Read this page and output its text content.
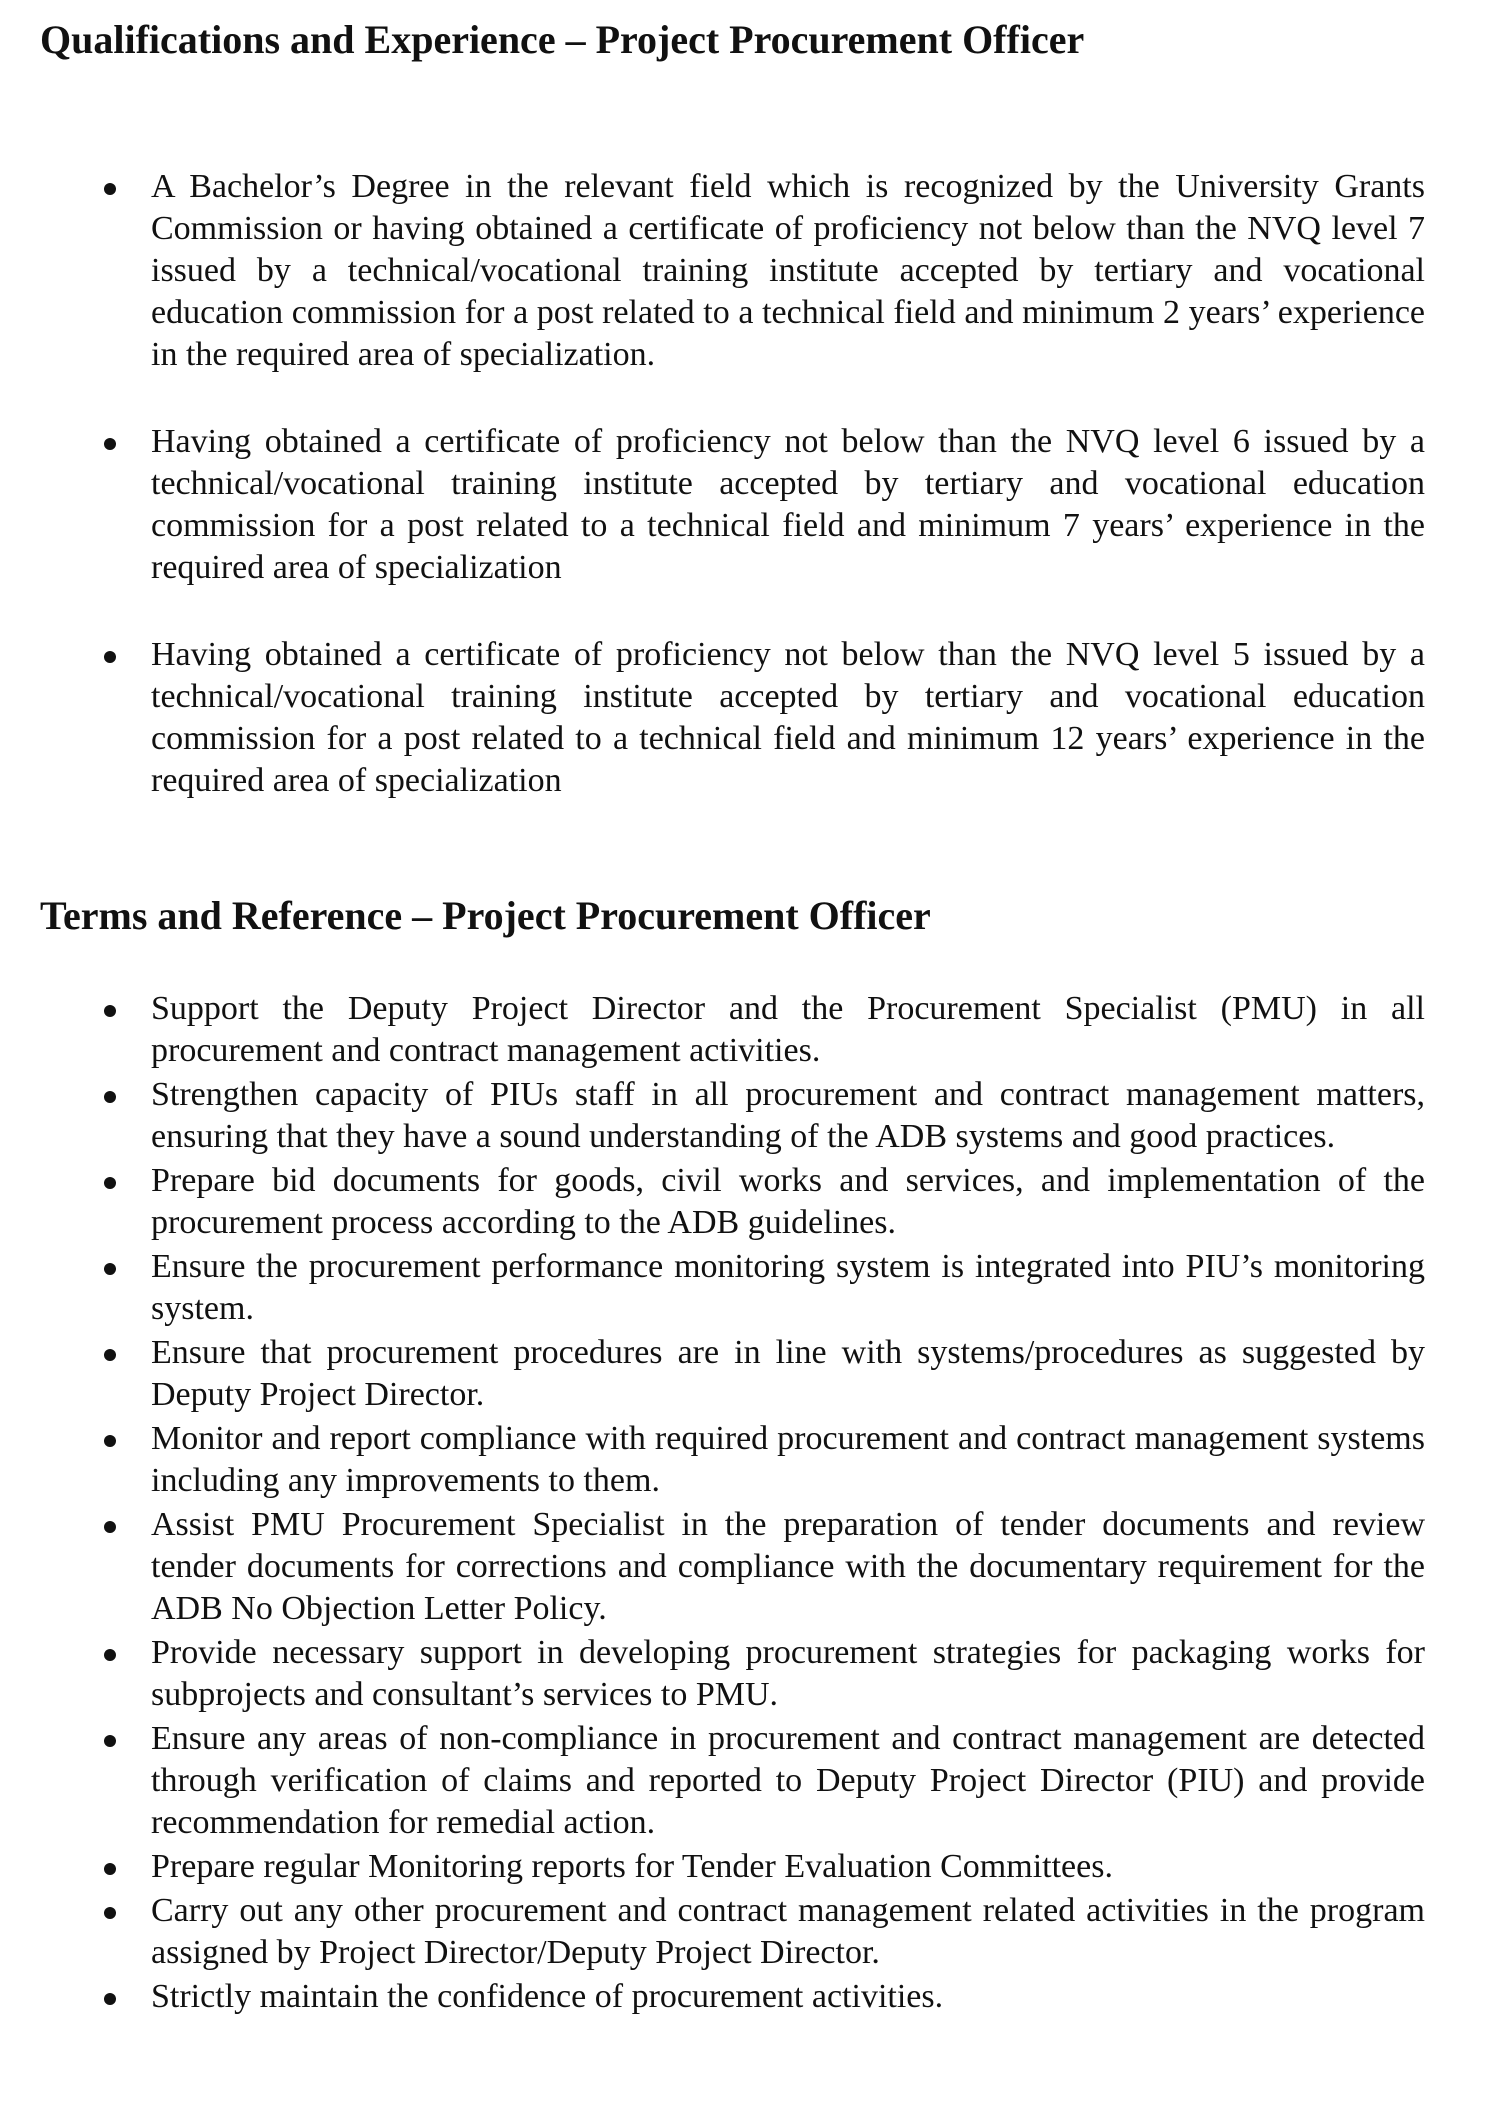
Qualifications and Experience – Project Procurement Officer
A Bachelor’s Degree in the relevant field which is recognized by the University Grants Commission or having obtained a certificate of proficiency not below than the NVQ level 7 issued by a technical/vocational training institute accepted by tertiary and vocational education commission for a post related to a technical field and minimum 2 years’ experience in the required area of specialization.
Having obtained a certificate of proficiency not below than the NVQ level 6 issued by a technical/vocational training institute accepted by tertiary and vocational education commission for a post related to a technical field and minimum 7 years’ experience in the required area of specialization
Having obtained a certificate of proficiency not below than the NVQ level 5 issued by a technical/vocational training institute accepted by tertiary and vocational education commission for a post related to a technical field and minimum 12 years’ experience in the required area of specialization
Terms and Reference – Project Procurement Officer
Support the Deputy Project Director and the Procurement Specialist (PMU) in all procurement and contract management activities.
Strengthen capacity of PIUs staff in all procurement and contract management matters, ensuring that they have a sound understanding of the ADB systems and good practices.
Prepare bid documents for goods, civil works and services, and implementation of the procurement process according to the ADB guidelines.
Ensure the procurement performance monitoring system is integrated into PIU’s monitoring system.
Ensure that procurement procedures are in line with systems/procedures as suggested by Deputy Project Director.
Monitor and report compliance with required procurement and contract management systems including any improvements to them.
Assist PMU Procurement Specialist in the preparation of tender documents and review tender documents for corrections and compliance with the documentary requirement for the ADB No Objection Letter Policy.
Provide necessary support in developing procurement strategies for packaging works for subprojects and consultant’s services to PMU.
Ensure any areas of non-compliance in procurement and contract management are detected through verification of claims and reported to Deputy Project Director (PIU) and provide recommendation for remedial action.
Prepare regular Monitoring reports for Tender Evaluation Committees.
Carry out any other procurement and contract management related activities in the program assigned by Project Director/Deputy Project Director.
Strictly maintain the confidence of procurement activities.
